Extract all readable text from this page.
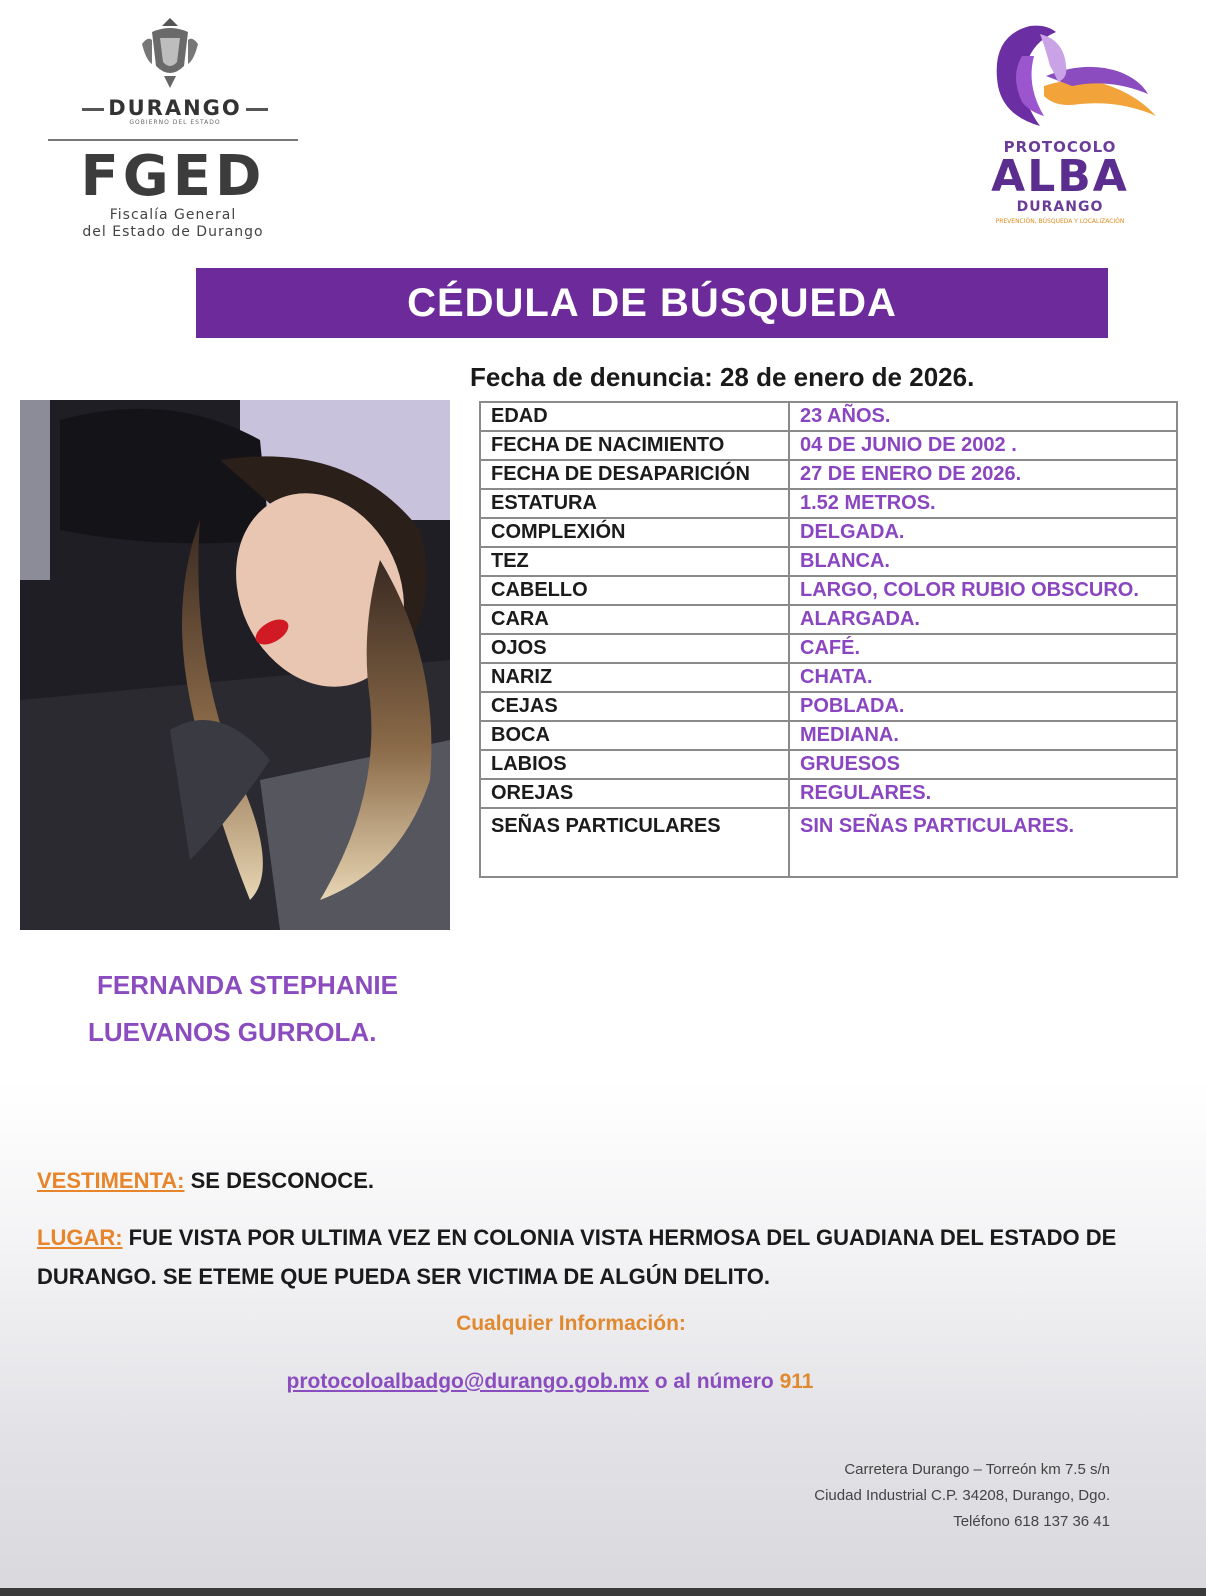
DURANGO
GOBIERNO DEL ESTADO
FGED
Fiscalía General
del Estado de Durango
PROTOCOLO
ALBA
DURANGO
PREVENCIÓN, BÚSQUEDA Y LOCALIZACIÓN
CÉDULA DE BÚSQUEDA
Fecha de denuncia: 28 de enero de 2026.
EDAD	23 AÑOS.
FECHA DE NACIMIENTO	04 DE JUNIO DE 2002 .
FECHA DE DESAPARICIÓN	27 DE ENERO DE 2026.
ESTATURA	1.52 METROS.
COMPLEXIÓN	DELGADA.
TEZ	BLANCA.
CABELLO	LARGO, COLOR RUBIO OBSCURO.
CARA	ALARGADA.
OJOS	CAFÉ.
NARIZ	CHATA.
CEJAS	POBLADA.
BOCA	MEDIANA.
LABIOS	GRUESOS
OREJAS	REGULARES.
SEÑAS PARTICULARES	SIN SEÑAS PARTICULARES.
FERNANDA STEPHANIE
LUEVANOS GURROLA.
VESTIMENTA: SE DESCONOCE.
LUGAR: FUE VISTA POR ULTIMA VEZ EN COLONIA VISTA HERMOSA DEL GUADIANA DEL ESTADO DE DURANGO. SE ETEME QUE PUEDA SER VICTIMA DE ALGÚN DELITO.
Cualquier Información:
protocoloalbadgo@durango.gob.mx o al número 911
Carretera Durango – Torreón km 7.5 s/n
Ciudad Industrial C.P. 34208, Durango, Dgo.
Teléfono 618 137 36 41
